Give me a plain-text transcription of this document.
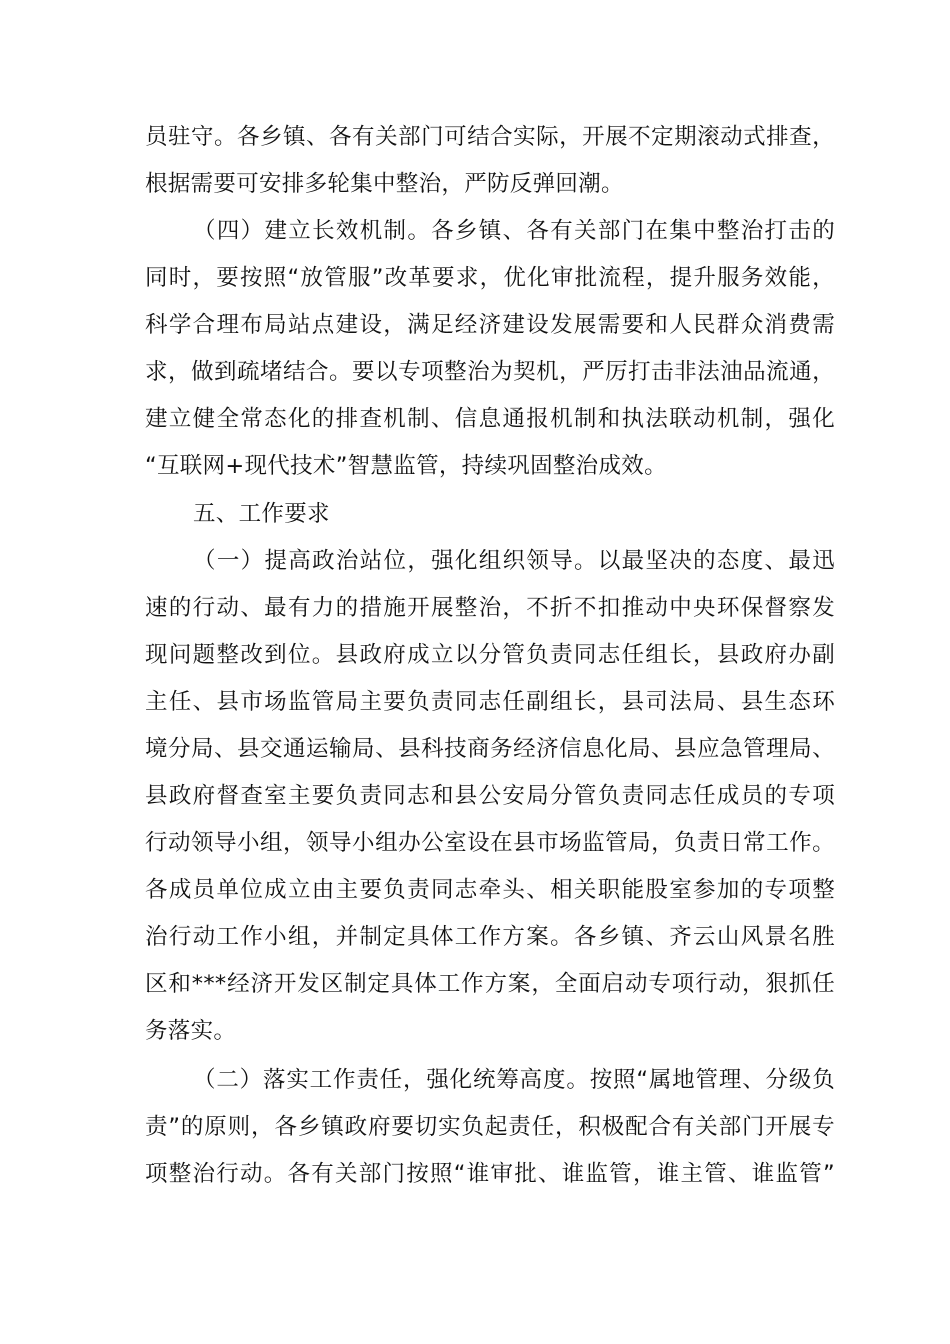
员驻守。各乡镇、各有关部门可结合实际，开展不定期滚动式排查，
根据需要可安排多轮集中整治，严防反弹回潮。
（四）建立长效机制。各乡镇、各有关部门在集中整治打击的
同时，要按照“放管服”改革要求，优化审批流程，提升服务效能，
科学合理布局站点建设，满足经济建设发展需要和人民群众消费需
求，做到疏堵结合。要以专项整治为契机，严厉打击非法油品流通，
建立健全常态化的排查机制、信息通报机制和执法联动机制，强化
“互联网+现代技术”智慧监管，持续巩固整治成效。
五、工作要求
（一）提高政治站位，强化组织领导。以最坚决的态度、最迅
速的行动、最有力的措施开展整治，不折不扣推动中央环保督察发
现问题整改到位。县政府成立以分管负责同志任组长，县政府办副
主任、县市场监管局主要负责同志任副组长，县司法局、县生态环
境分局、县交通运输局、县科技商务经济信息化局、县应急管理局、
县政府督查室主要负责同志和县公安局分管负责同志任成员的专项
行动领导小组，领导小组办公室设在县市场监管局，负责日常工作。
各成员单位成立由主要负责同志牵头、相关职能股室参加的专项整
治行动工作小组，并制定具体工作方案。各乡镇、齐云山风景名胜
区和***经济开发区制定具体工作方案，全面启动专项行动，狠抓任
务落实。
（二）落实工作责任，强化统筹高度。按照“属地管理、分级负
责”的原则，各乡镇政府要切实负起责任，积极配合有关部门开展专
项整治行动。各有关部门按照“谁审批、谁监管，谁主管、谁监管”
